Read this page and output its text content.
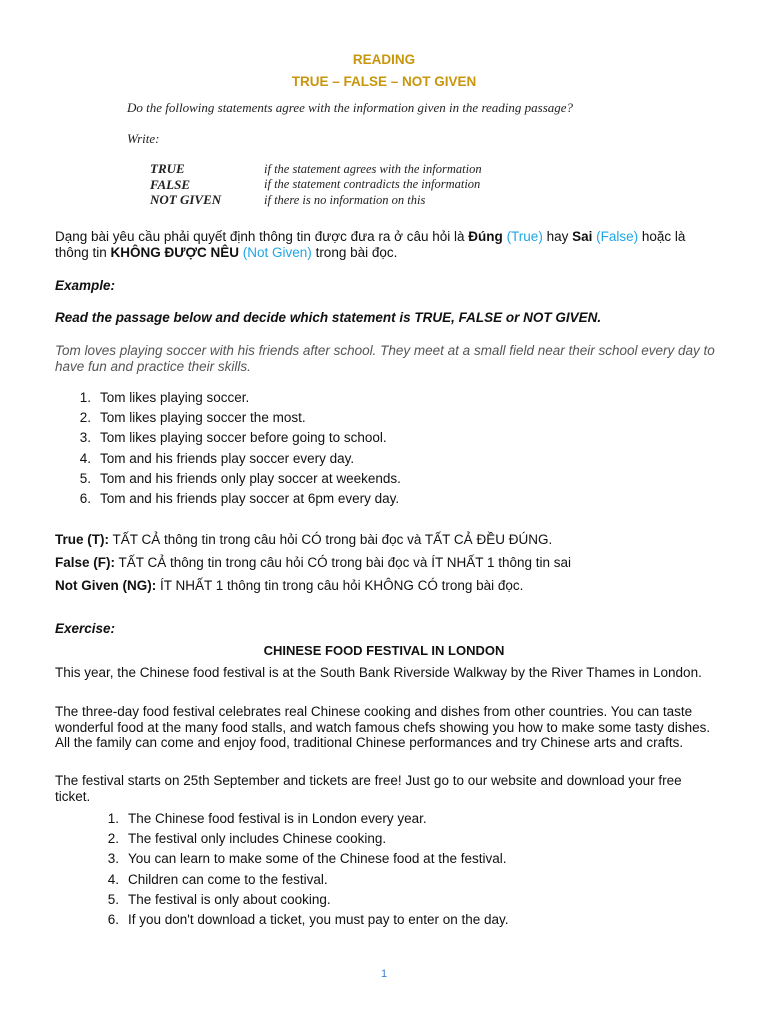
READING
TRUE – FALSE – NOT GIVEN
Do the following statements agree with the information given in the reading passage?
Write:
TRUE	if the statement agrees with the information
FALSE	if the statement contradicts the information
NOT GIVEN	if there is no information on this
Dạng bài yêu cầu phải quyết định thông tin được đưa ra ở câu hỏi là Đúng (True) hay Sai (False) hoặc là thông tin KHÔNG ĐƯỢC NÊU (Not Given) trong bài đọc.
Example:
Read the passage below and decide which statement is TRUE, FALSE or NOT GIVEN.
Tom loves playing soccer with his friends after school. They meet at a small field near their school every day to have fun and practice their skills.
1. Tom likes playing soccer.
2. Tom likes playing soccer the most.
3. Tom likes playing soccer before going to school.
4. Tom and his friends play soccer every day.
5. Tom and his friends only play soccer at weekends.
6. Tom and his friends play soccer at 6pm every day.
True (T): TẤT CẢ thông tin trong câu hỏi CÓ trong bài đọc và TẤT CẢ ĐỀU ĐÚNG.
False (F): TẤT CẢ thông tin trong câu hỏi CÓ trong bài đọc và ÍT NHẤT 1 thông tin sai
Not Given (NG): ÍT NHẤT 1 thông tin trong câu hỏi KHÔNG CÓ trong bài đọc.
Exercise:
CHINESE FOOD FESTIVAL IN LONDON
This year, the Chinese food festival is at the South Bank Riverside Walkway by the River Thames in London.
The three-day food festival celebrates real Chinese cooking and dishes from other countries. You can taste wonderful food at the many food stalls, and watch famous chefs showing you how to make some tasty dishes. All the family can come and enjoy food, traditional Chinese performances and try Chinese arts and crafts.
The festival starts on 25th September and tickets are free! Just go to our website and download your free ticket.
1. The Chinese food festival is in London every year.
2. The festival only includes Chinese cooking.
3. You can learn to make some of the Chinese food at the festival.
4. Children can come to the festival.
5. The festival is only about cooking.
6. If you don't download a ticket, you must pay to enter on the day.
1
